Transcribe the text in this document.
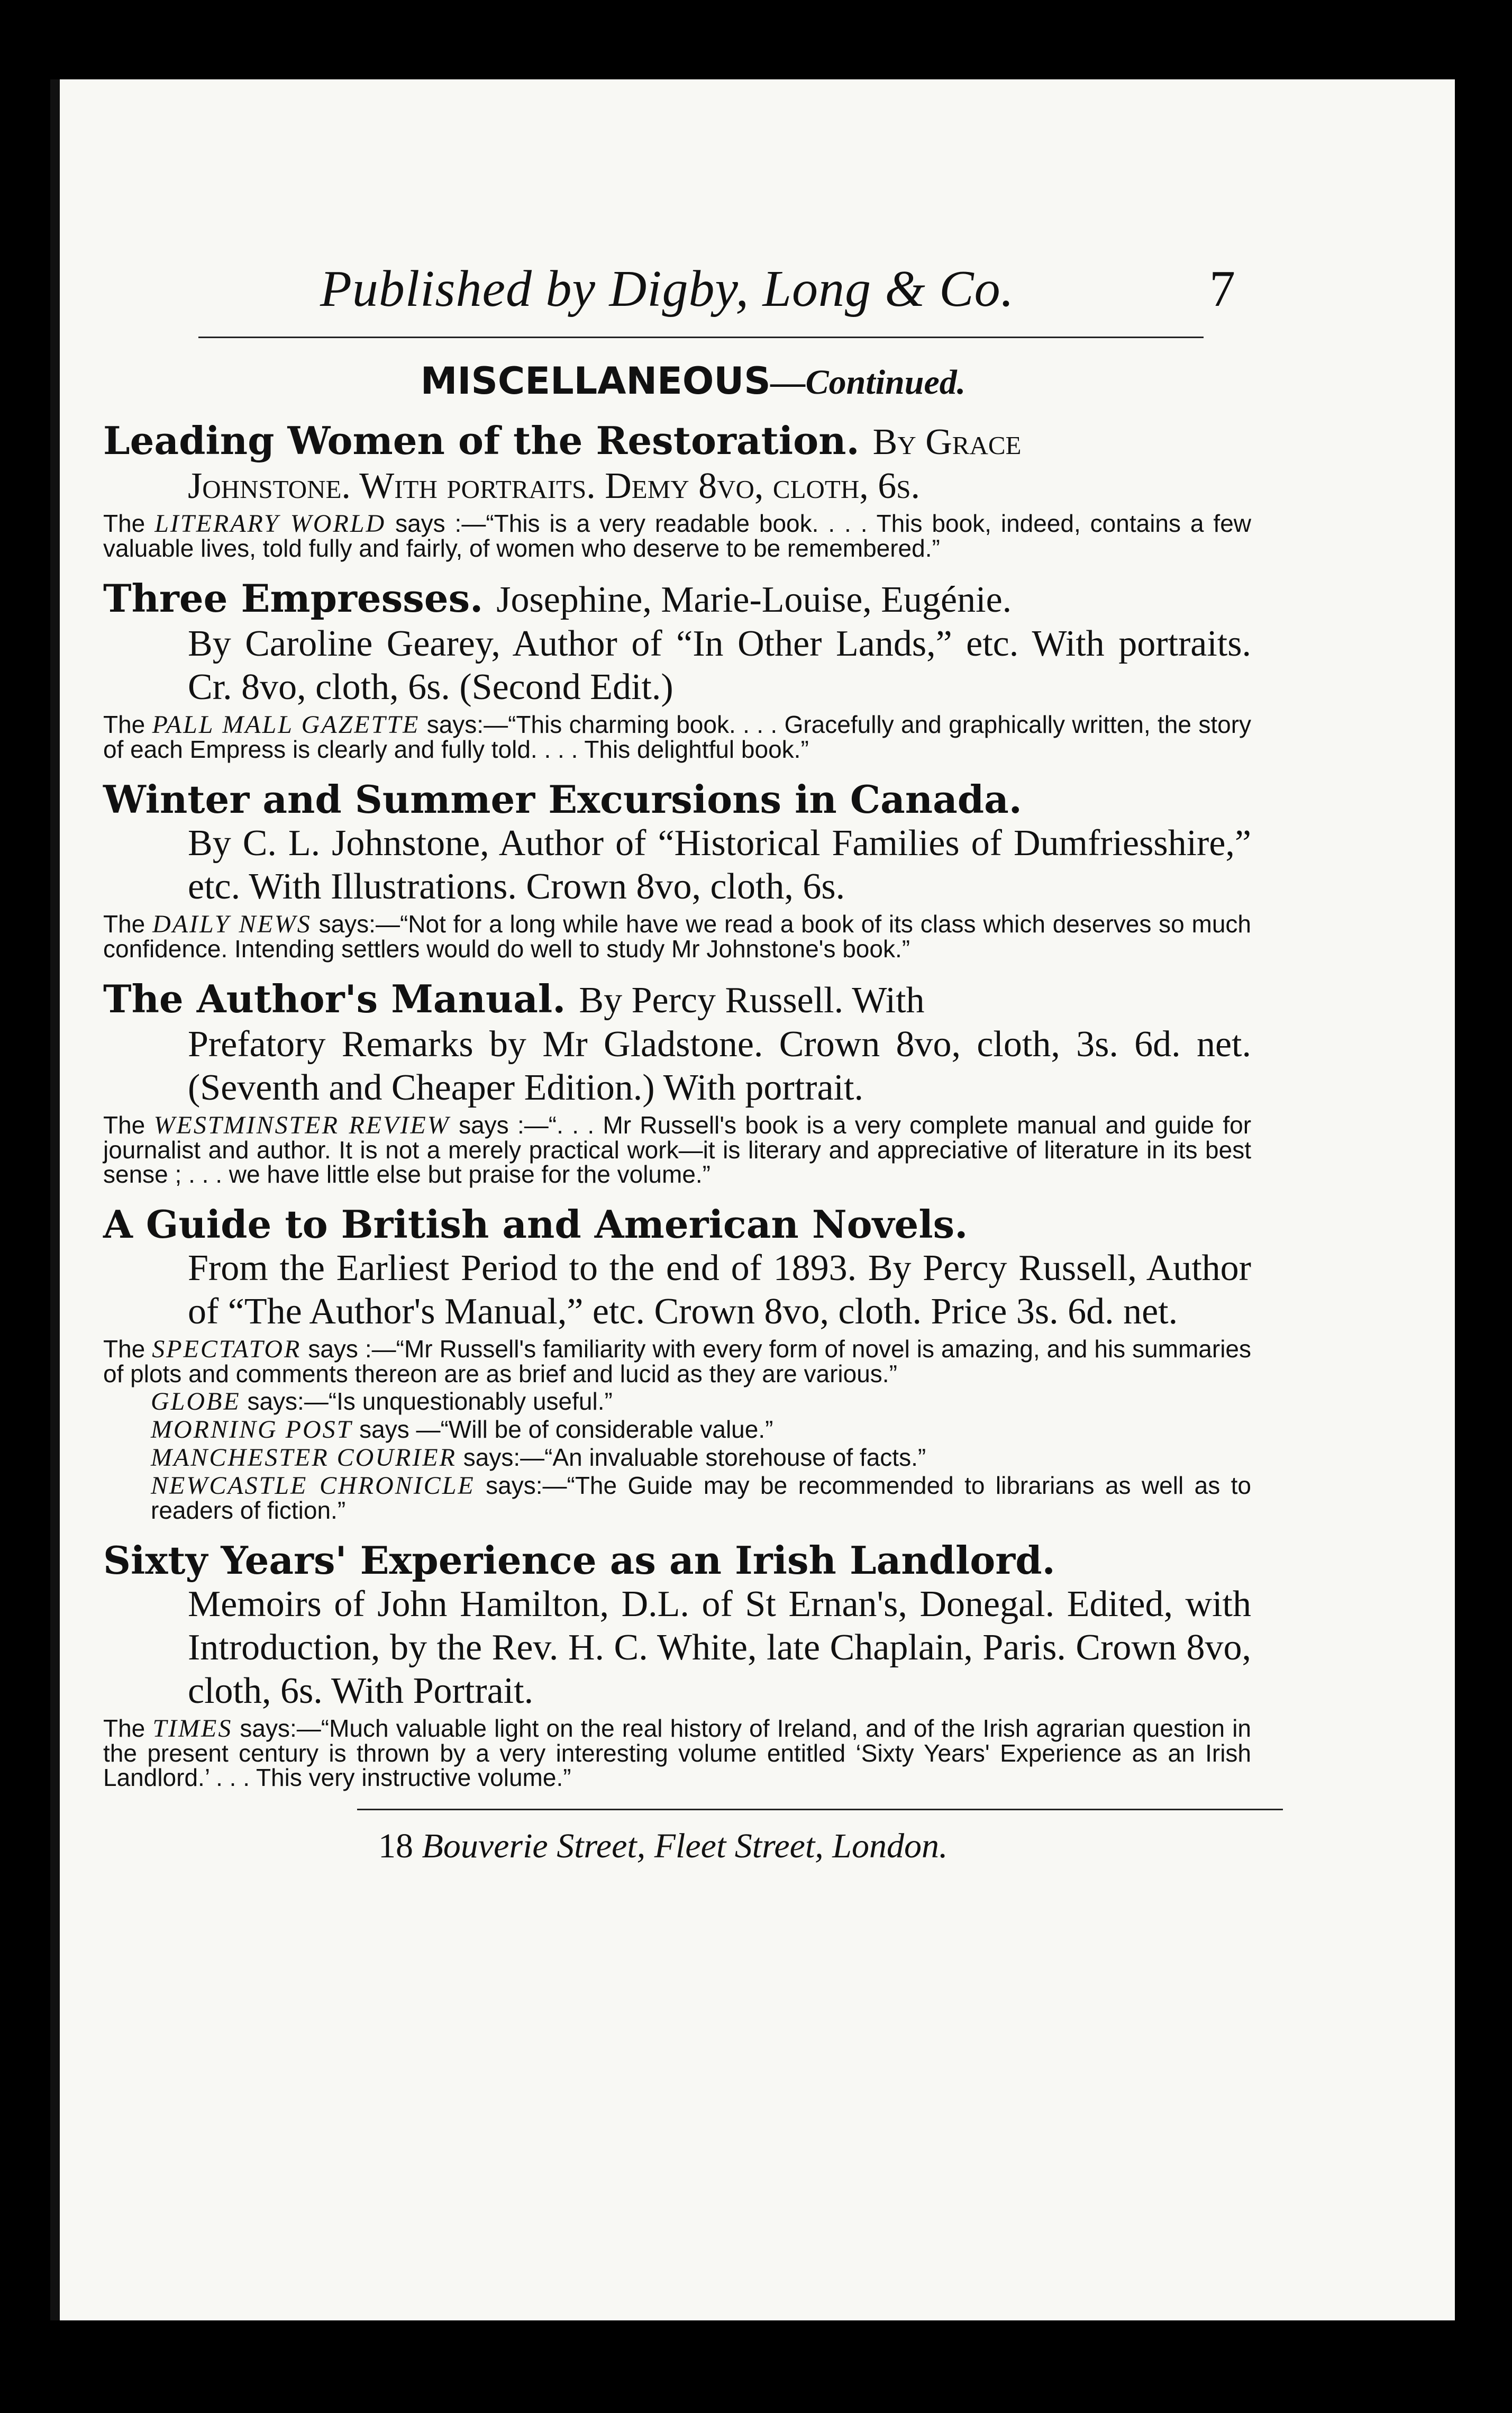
Published by Digby, Long & Co.	7
MISCELLANEOUS—Continued.
Leading Women of the Restoration. By Grace
Johnstone. With portraits. Demy 8vo, cloth, 6s.
The LITERARY WORLD says :—“This is a very readable book. . . . This book, indeed, contains a few valuable lives, told fully and fairly, of women who deserve to be remembered.”
Three Empresses. Josephine, Marie-Louise, Eugénie.
By Caroline Gearey, Author of “In Other Lands,” etc. With portraits. Cr. 8vo, cloth, 6s. (Second Edit.)
The PALL MALL GAZETTE says:—“This charming book. . . . Gracefully and graphically written, the story of each Empress is clearly and fully told. . . . This delightful book.”
Winter and Summer Excursions in Canada.
By C. L. Johnstone, Author of “Historical Families of Dumfriesshire,” etc. With Illustrations. Crown 8vo, cloth, 6s.
The DAILY NEWS says:—“Not for a long while have we read a book of its class which deserves so much confidence. Intending settlers would do well to study Mr Johnstone's book.”
The Author's Manual. By Percy Russell. With
Prefatory Remarks by Mr Gladstone. Crown 8vo, cloth, 3s. 6d. net. (Seventh and Cheaper Edition.) With portrait.
The WESTMINSTER REVIEW says :—“. . . Mr Russell's book is a very complete manual and guide for journalist and author. It is not a merely practical work—it is literary and appreciative of literature in its best sense ; . . . we have little else but praise for the volume.”
A Guide to British and American Novels.
From the Earliest Period to the end of 1893. By Percy Russell, Author of “The Author's Manual,” etc. Crown 8vo, cloth. Price 3s. 6d. net.
The SPECTATOR says :—“Mr Russell's familiarity with every form of novel is amazing, and his summaries of plots and comments thereon are as brief and lucid as they are various.”
GLOBE says:—“Is unquestionably useful.”
MORNING POST says —“Will be of considerable value.”
MANCHESTER COURIER says:—“An invaluable storehouse of facts.”
NEWCASTLE CHRONICLE says:—“The Guide may be recommended to librarians as well as to readers of fiction.”
Sixty Years' Experience as an Irish Landlord.
Memoirs of John Hamilton, D.L. of St Ernan's, Donegal. Edited, with Introduction, by the Rev. H. C. White, late Chaplain, Paris. Crown 8vo, cloth, 6s. With Portrait.
The TIMES says:—“Much valuable light on the real history of Ireland, and of the Irish agrarian question in the present century is thrown by a very interesting volume entitled ‘Sixty Years' Experience as an Irish Landlord.’ . . . This very instructive volume.”
18 Bouverie Street, Fleet Street, London.
